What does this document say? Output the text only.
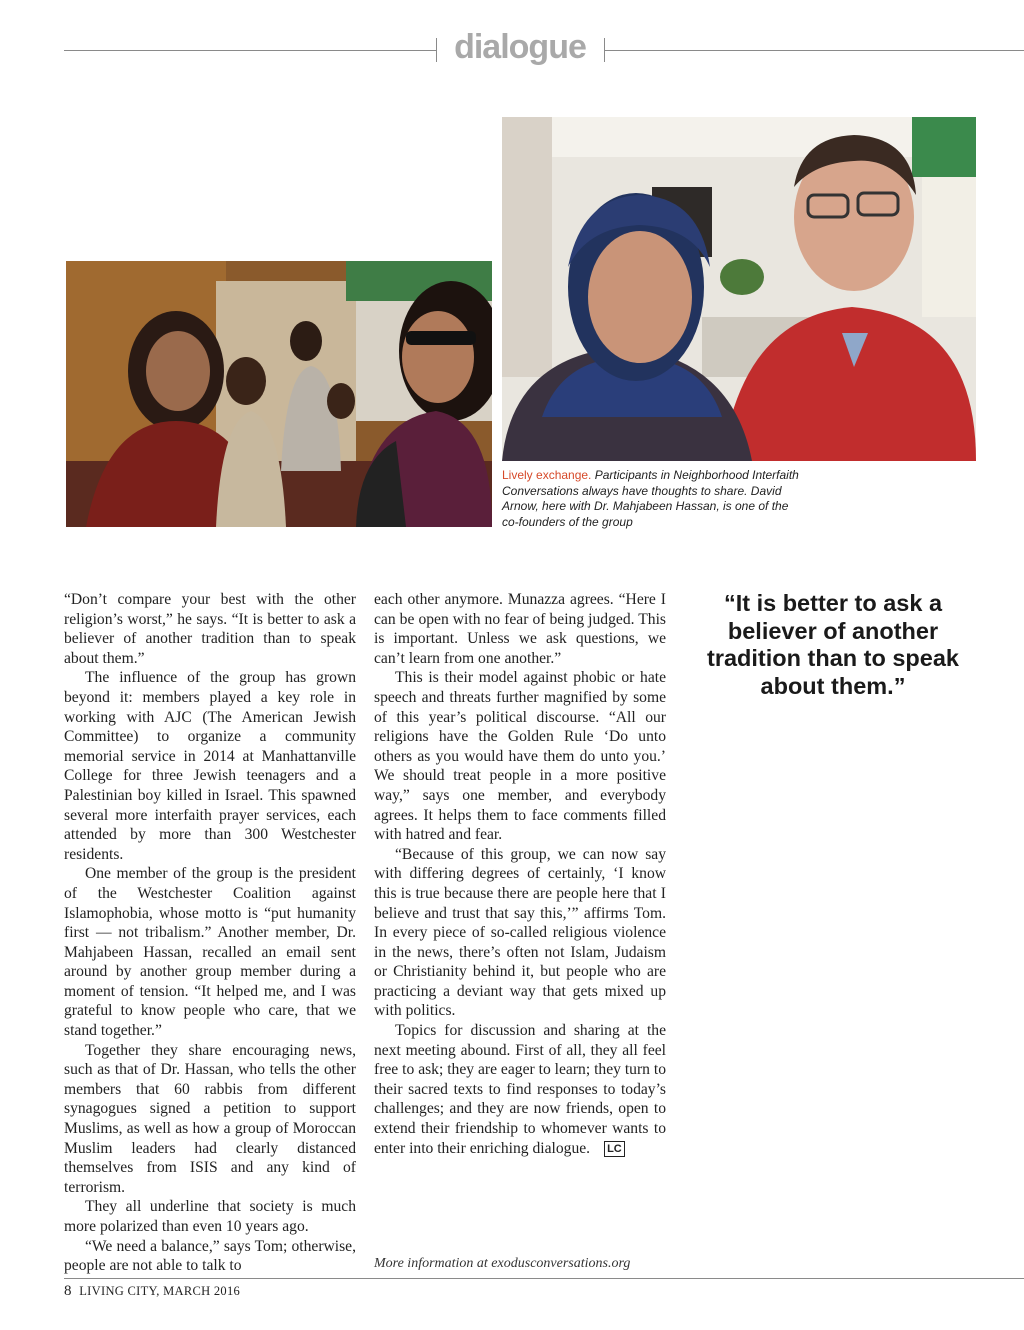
dialogue
Lively exchange. Participants in Neighborhood Interfaith Conversations always have thoughts to share. David Arnow, here with Dr. Mahjabeen Hassan, is one of the co-founders of the group

“Don’t compare your best with the other religion’s worst,” he says. “It is better to ask a believer of another tradition than to speak about them.”

The influence of the group has grown beyond it: members played a key role in working with AJC (The American Jewish Committee) to organize a community memorial service in 2014 at Manhattanville College for three Jewish teenagers and a Palestinian boy killed in Israel. This spawned several more interfaith prayer services, each attended by more than 300 Westchester residents.

One member of the group is the president of the Westchester Coalition against Islamophobia, whose motto is “put humanity first — not tribalism.” Another member, Dr. Mahjabeen Hassan, recalled an email sent around by another group member during a moment of tension. “It helped me, and I was grateful to know people who care, that we stand together.”

Together they share encouraging news, such as that of Dr. Hassan, who tells the other members that 60 rabbis from different synagogues signed a petition to support Muslims, as well as how a group of Moroccan Muslim leaders had clearly distanced themselves from ISIS and any kind of terrorism.

They all underline that society is much more polarized than even 10 years ago.

“We need a balance,” says Tom; otherwise, people are not able to talk to

each other anymore. Munazza agrees. “Here I can be open with no fear of being judged. This is important. Unless we ask questions, we can’t learn from one another.”

This is their model against phobic or hate speech and threats further magnified by some of this year’s political discourse. “All our religions have the Golden Rule ‘Do unto others as you would have them do unto you.’ We should treat people in a more positive way,” says one member, and everybody agrees. It helps them to face comments filled with hatred and fear.

“Because of this group, we can now say with differing degrees of certainly, ‘I know this is true because there are people here that I believe and trust that say this,’” affirms Tom. In every piece of so-called religious violence in the news, there’s often not Islam, Judaism or Christianity behind it, but people who are practicing a deviant way that gets mixed up with politics.

Topics for discussion and sharing at the next meeting abound. First of all, they all feel free to ask; they are eager to learn; they turn to their sacred texts to find responses to today’s challenges; and they are now friends, open to extend their friendship to whomever wants to enter into their enriching dialogue. LC

More information at exodusconversations.org
“It is better to ask a believer of another tradition than to speak about them.”
8 LIVING CITY, MARCH 2016
